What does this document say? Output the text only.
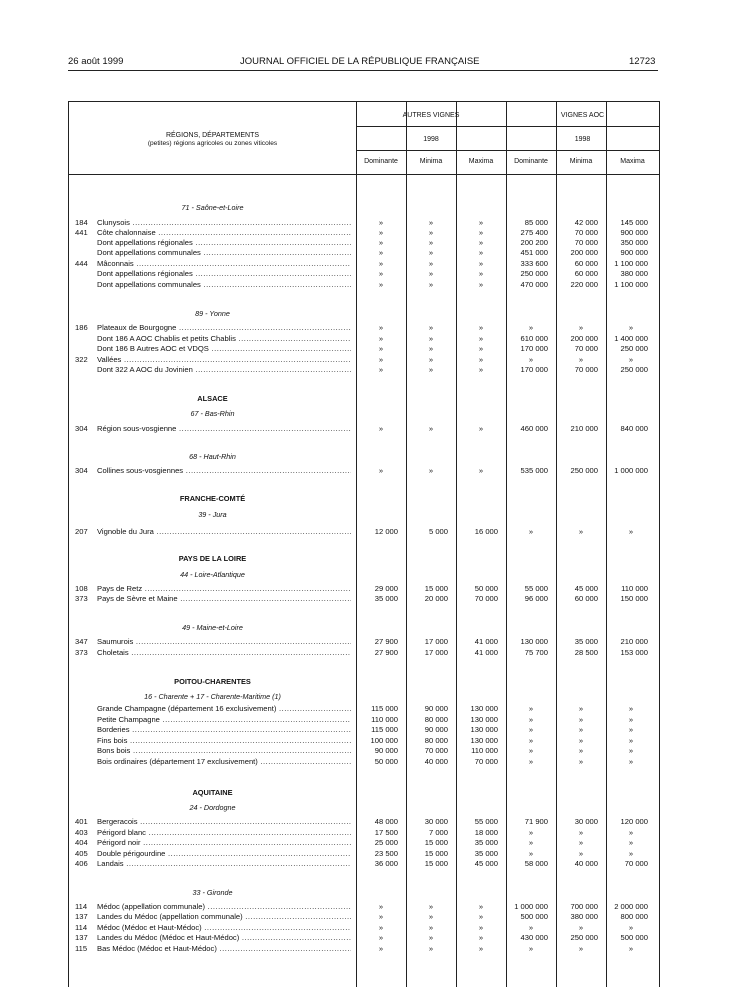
26 août 1999	JOURNAL OFFICIEL DE LA RÉPUBLIQUE FRANÇAISE	12723
RÉGIONS, DÉPARTEMENTS
(petites) régions agricoles ou zones viticoles
AUTRES VIGNES	VIGNES AOC
1998	1998
Dominante	Minima	Maxima	Dominante	Minima	Maxima
71 - Saône-et-Loire
89 - Yonne
ALSACE
67 - Bas-Rhin
68 - Haut-Rhin
FRANCHE-COMTÉ
39 - Jura
PAYS DE LA LOIRE
44 - Loire-Atlantique
49 - Maine-et-Loire
POITOU-CHARENTES
16 - Charente + 17 - Charente-Maritime (1)
AQUITAINE
24 - Dordogne
33 - Gironde
184	Clunysois .....	»	»	»	85 000	42 000	145 000
441	Côte chalonnaise .....	»	»	»	275 400	70 000	900 000
Dont appellations régionales .....	»	»	»	200 200	70 000	350 000
Dont appellations communales .....	»	»	»	451 000	200 000	900 000
444	Mâconnais .....	»	»	»	333 600	60 000	1 100 000
Dont appellations régionales .....	»	»	»	250 000	60 000	380 000
Dont appellations communales .....	»	»	»	470 000	220 000	1 100 000
186	Plateaux de Bourgogne .....	»	»	»	»	»	»
Dont 186 A AOC Chablis et petits Chablis .....	»	»	»	610 000	200 000	1 400 000
Dont 186 B Autres AOC et VDQS .....	»	»	»	170 000	70 000	250 000
322	Vallées .....	»	»	»	»	»	»
Dont 322 A AOC du Jovinien .....	»	»	»	170 000	70 000	250 000
304	Région sous-vosgienne .....	»	»	»	460 000	210 000	840 000
304	Collines sous-vosgiennes .....	»	»	»	535 000	250 000	1 000 000
207	Vignoble du Jura .....	12 000	5 000	16 000	»	»	»
108	Pays de Retz .....	29 000	15 000	50 000	55 000	45 000	110 000
373	Pays de Sèvre et Maine .....	35 000	20 000	70 000	96 000	60 000	150 000
347	Saumurois .....	27 900	17 000	41 000	130 000	35 000	210 000
373	Choletais .....	27 900	17 000	41 000	75 700	28 500	153 000
Grande Champagne (département 16 exclusivement) .....	115 000	90 000	130 000	»	»	»
Petite Champagne .....	110 000	80 000	130 000	»	»	»
Borderies .....	115 000	90 000	130 000	»	»	»
Fins bois .....	100 000	80 000	130 000	»	»	»
Bons bois .....	90 000	70 000	110 000	»	»	»
Bois ordinaires (département 17 exclusivement) .....	50 000	40 000	70 000	»	»	»
401	Bergeracois .....	48 000	30 000	55 000	71 900	30 000	120 000
403	Périgord blanc .....	17 500	7 000	18 000	»	»	»
404	Périgord noir .....	25 000	15 000	35 000	»	»	»
405	Double périgourdine .....	23 500	15 000	35 000	»	»	»
406	Landais .....	36 000	15 000	45 000	58 000	40 000	70 000
114	Médoc (appellation communale) .....	»	»	»	1 000 000	700 000	2 000 000
137	Landes du Médoc (appellation communale) .....	»	»	»	500 000	380 000	800 000
114	Médoc (Médoc et Haut-Médoc) .....	»	»	»	»	»	»
137	Landes du Médoc (Médoc et Haut-Médoc) .....	»	»	»	430 000	250 000	500 000
115	Bas Médoc (Médoc et Haut-Médoc) .....	»	»	»	»	»	»
